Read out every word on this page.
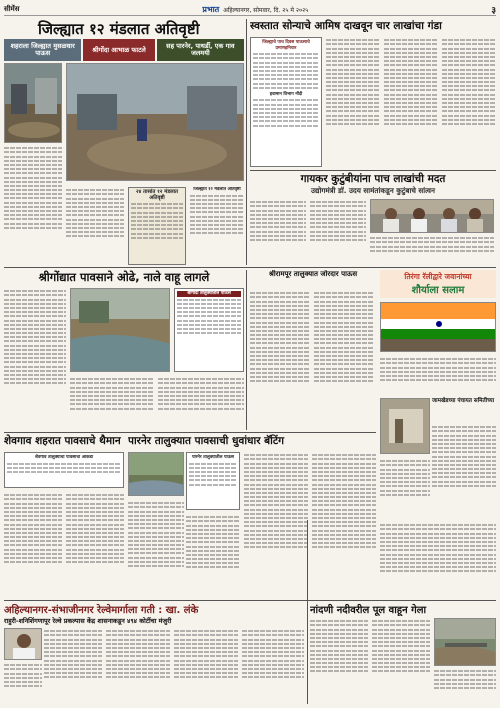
सीमेंस	प्रभात अहिल्यानगर, सोमवार, दि. २५ मे २०२५	३
जिल्ह्यात १२ मंडलात अतिवृष्टी
शहराला जिल्ह्यात मुसळधार पाऊस	श्रीगोंदा आभाळ फाटले	सह पारनेर, पाथर्डी, एक गाव जलमयी
२४ तासांत १२ मंडलात अतिवृष्टी
जिल्ह्यात १२ मंडलात अतिवृष्टी
स्वस्तात सोन्याचे आमिष दाखवून चार लाखांचा गंडा
जिल्ह्याचे पाच दिवस पाऊसाचे प्रमाणहनिधार
हवामान विभाग नोंदी
गायकर कुटुंबीयांना पाच लाखांची मदत
उद्योगमंत्री डॉ. उदय सामंतांकडून कुटुंबाचे सांत्वन
श्रीगोंद्यात पावसाने ओढे, नाले वाहू लागले
श्रीगोंदा तालुक्यातील पाऊस
श्रीरामपूर तालुक्यात जोरदार पाऊस	तिरंगा रॅलीद्वारे जवानांच्या
शौर्याला सलाम
जामखेडच्या पंचायत समितीच्या
शेवगाव शहरात पावसाचे थैमान
शेवगाव तालुक्याचा पावसाचा आकडा
पारनेर तालुक्यात पावसाची धुवांधार बॅटिंग
पारनेर तालुक्यातील पाऊस
अहिल्यानगर-संभाजीनगर रेल्वेमार्गाला गती : खा. लंके
राहुरी-शनिशिंगणापूर रेल्वे प्रकल्पास केंद्र शासनाकडून ४९४ कोटींचा मंजुरी
नांदणी नदीवरील पूल वाहून गेला
